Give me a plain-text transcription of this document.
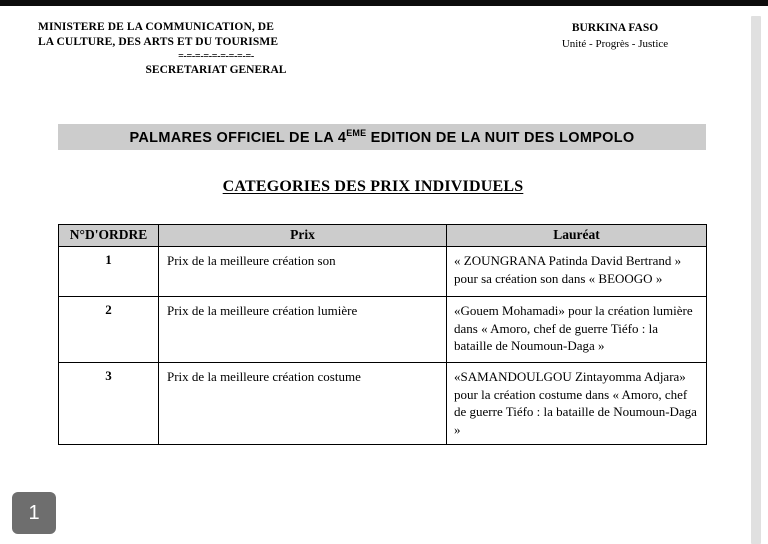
MINISTERE DE LA COMMUNICATION, DE
LA CULTURE, DES ARTS ET DU TOURISME
=-=-=-=-=-=-=-=-=-
SECRETARIAT GENERAL
BURKINA FASO
Unité - Progrès - Justice
PALMARES OFFICIEL DE LA 4EME EDITION DE LA NUIT DES LOMPOLO
CATEGORIES DES PRIX INDIVIDUELS
N°D'ORDRE	Prix	Lauréat
1	Prix de la meilleure création son	« ZOUNGRANA Patinda David Bertrand » pour sa création son dans « BEOOGO »
2	Prix de la meilleure création lumière	«Gouem Mohamadi» pour la création lumière dans « Amoro, chef de guerre Tiéfo : la bataille de Noumoun-Daga »
3	Prix de la meilleure création costume	«SAMANDOULGOU Zintayomma Adjara» pour la création costume dans « Amoro, chef de guerre Tiéfo : la bataille de Noumoun-Daga »
1
